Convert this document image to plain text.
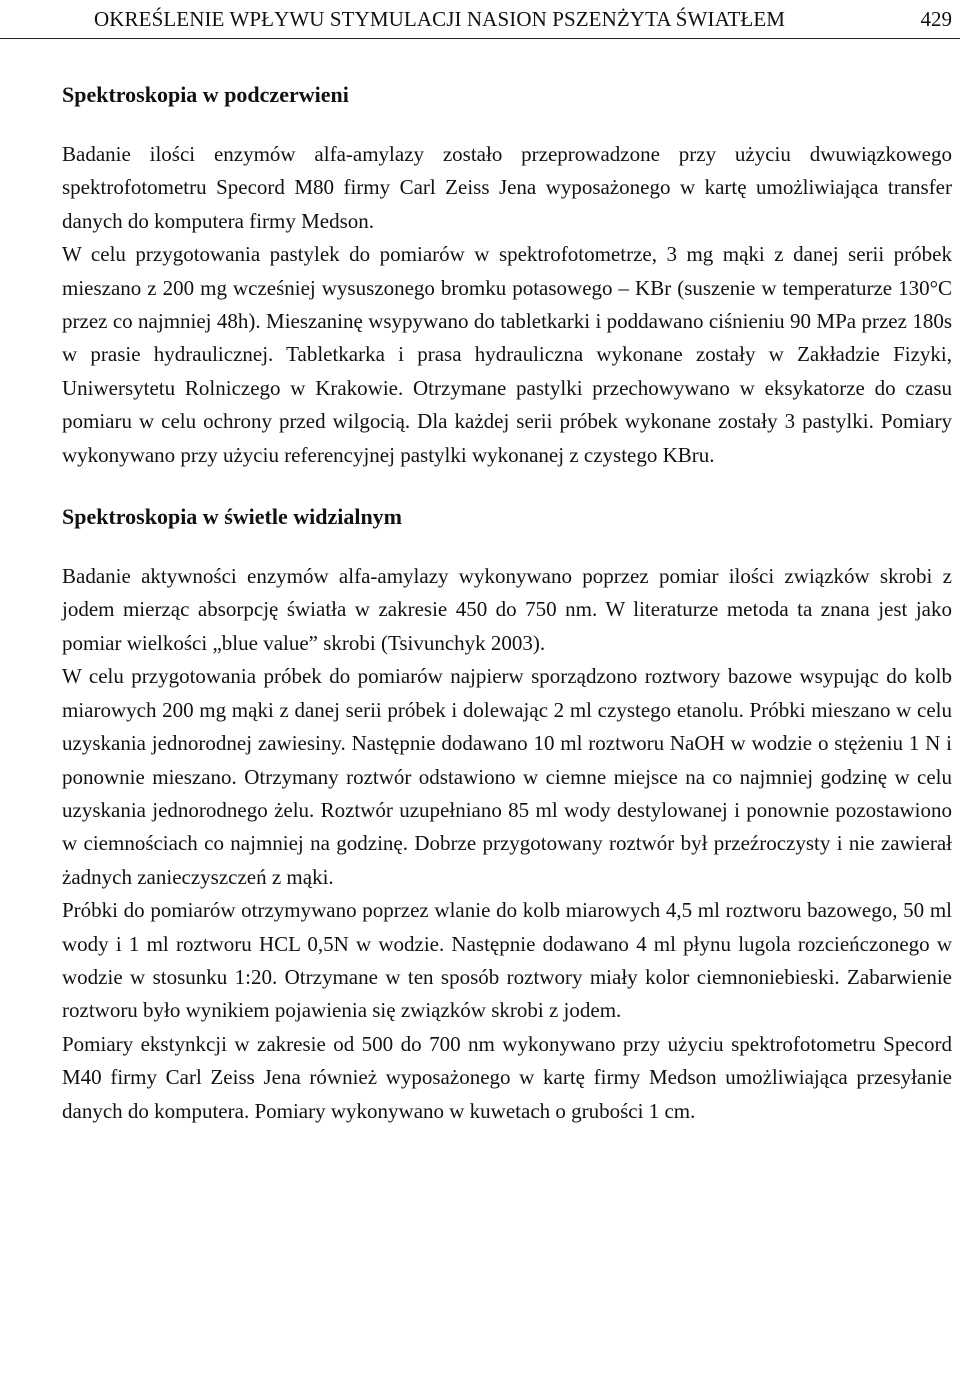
OKREŚLENIE WPŁYWU STYMULACJI NASION PSZENŻYTA ŚWIATŁEM	429
Spektroskopia w podczerwieni

Badanie ilości enzymów alfa-amylazy zostało przeprowadzone przy użyciu dwuwiązkowego spektrofotometru Specord M80 firmy Carl Zeiss Jena wyposażonego w kartę umożliwiająca transfer danych do komputera firmy Medson.

W celu przygotowania pastylek do pomiarów w spektrofotometrze, 3 mg mąki z danej serii próbek mieszano z 200 mg wcześniej wysuszonego bromku potasowego – KBr (suszenie w temperaturze 130°C przez co najmniej 48h). Mieszaninę wsypywano do tabletkarki i poddawano ciśnieniu 90 MPa przez 180s w prasie hydraulicznej. Tabletkarka i prasa hydrauliczna wykonane zostały w Zakładzie Fizyki, Uniwersytetu Rolniczego w Krakowie. Otrzymane pastylki przechowywano w eksykatorze do czasu pomiaru w celu ochrony przed wilgocią. Dla każdej serii próbek wykonane zostały 3 pastylki. Pomiary wykonywano przy użyciu referencyjnej pastylki wykonanej z czystego KBru.

Spektroskopia w świetle widzialnym

Badanie aktywności enzymów alfa-amylazy wykonywano poprzez pomiar ilości związków skrobi z jodem mierząc absorpcję światła w zakresie 450 do 750 nm. W literaturze metoda ta znana jest jako pomiar wielkości „blue value” skrobi (Tsivunchyk 2003).

W celu przygotowania próbek do pomiarów najpierw sporządzono roztwory bazowe wsypując do kolb miarowych 200 mg mąki z danej serii próbek i dolewając 2 ml czystego etanolu. Próbki mieszano w celu uzyskania jednorodnej zawiesiny. Następnie dodawano 10 ml roztworu NaOH w wodzie o stężeniu 1 N i ponownie mieszano. Otrzymany roztwór odstawiono w ciemne miejsce na co najmniej godzinę w celu uzyskania jednorodnego żelu. Roztwór uzupełniano 85 ml wody destylowanej i ponownie pozostawiono w ciemnościach co najmniej na godzinę. Dobrze przygotowany roztwór był przeźroczysty i nie zawierał żadnych zanieczyszczeń z mąki.

Próbki do pomiarów otrzymywano poprzez wlanie do kolb miarowych 4,5 ml roztworu bazowego, 50 ml wody i 1 ml roztworu HCL 0,5N w wodzie. Następnie dodawano 4 ml płynu lugola rozcieńczonego w wodzie w stosunku 1:20. Otrzymane w ten sposób roztwory miały kolor ciemnoniebieski. Zabarwienie roztworu było wynikiem pojawienia się związków skrobi z jodem.

Pomiary ekstynkcji w zakresie od 500 do 700 nm wykonywano przy użyciu spektrofotometru Specord M40 firmy Carl Zeiss Jena również wyposażonego w kartę firmy Medson umożliwiająca przesyłanie danych do komputera. Pomiary wykonywano w kuwetach o grubości 1 cm.
